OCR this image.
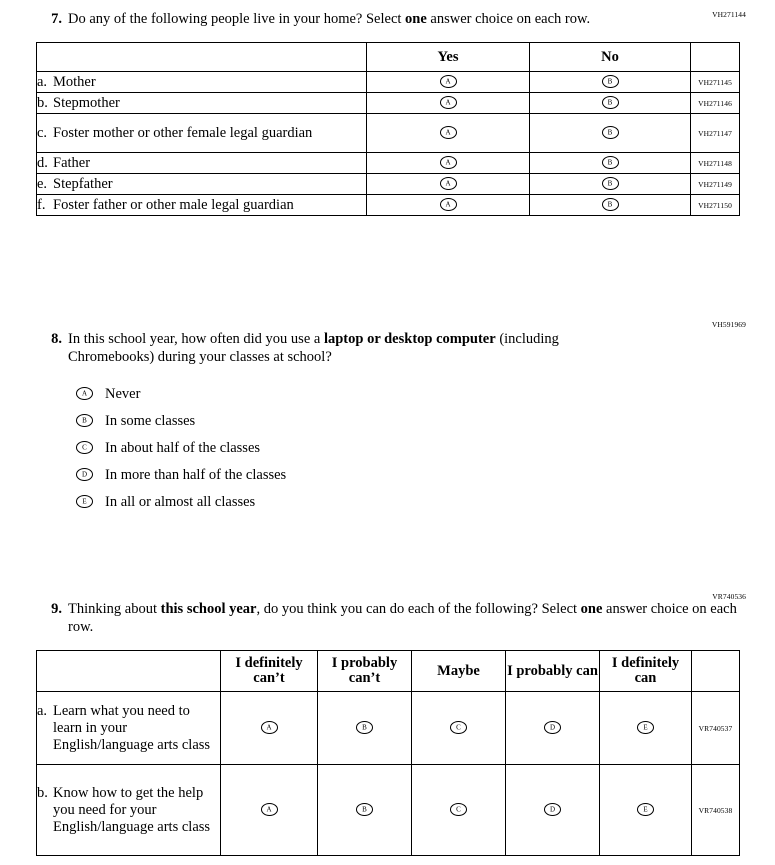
VH271144
7. Do any of the following people live in your home? Select one answer choice on each row.
	Yes	No	

a. Mother	A	B	VH271145

b. Stepmother	A	B	VH271146

c. Foster mother or other female legal guardian	A	B	VH271147

d. Father	A	B	VH271148

e. Stepfather	A	B	VH271149

f. Foster father or other male legal guardian	A	B	VH271150
VH591969
8. In this school year, how often did you use a laptop or desktop computer (including Chromebooks) during your classes at school?
A	Never
B	In some classes
C	In about half of the classes
D	In more than half of the classes
E	In all or almost all classes
VR740536
9. Thinking about this school year, do you think you can do each of the following? Select one answer choice on each row.
	I definitely can’t	I probably can’t	Maybe	I probably can	I definitely can	

a. Learn what you need to learn in your English/language arts class	A	B	C	D	E	VR740537

b. Know how to get the help you need for your English/language arts class	A	B	C	D	E	VR740538
